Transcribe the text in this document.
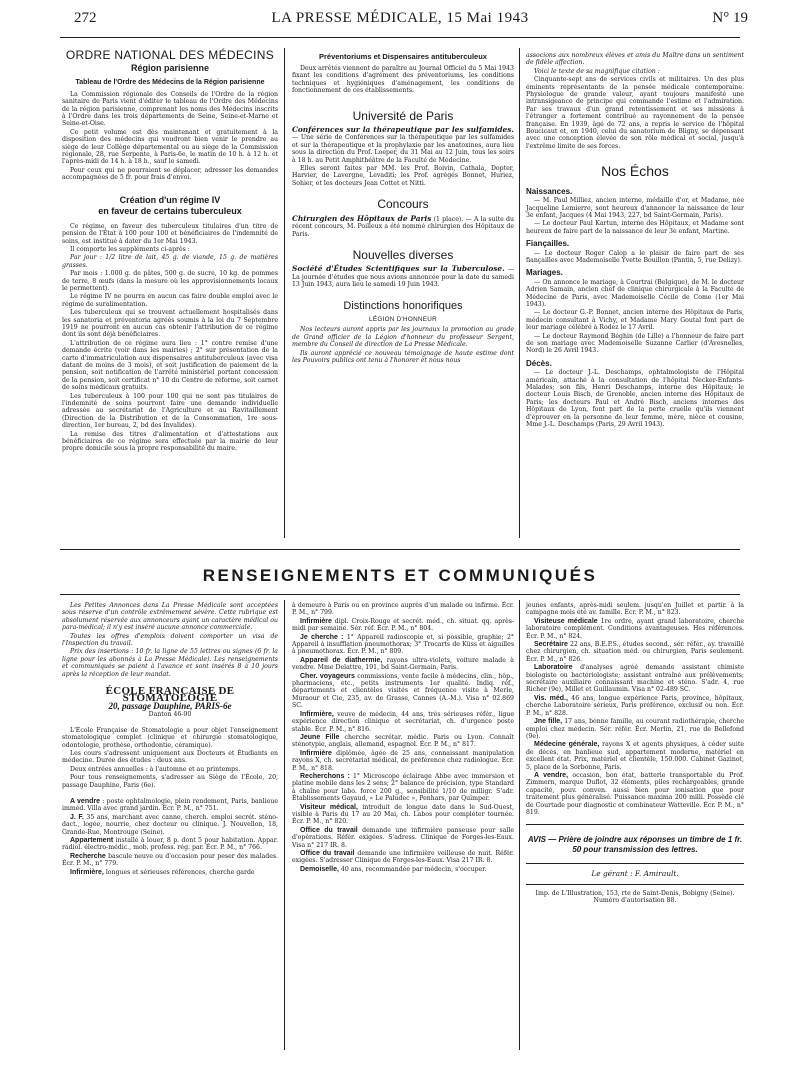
272	LA PRESSE MÉDICALE, 15 Mai 1943	N° 19
ORDRE NATIONAL DES MÉDECINS
Région parisienne
Tableau de l'Ordre des Médecins de la Région parisienne

La Commission régionale des Conseils de l'Ordre de la région sanitaire de Paris vient d'éditer le tableau de l'Ordre des Médecins de la région parisienne, comprenant les noms des Médecins inscrits à l'Ordre dans les trois départements de Seine, Seine-et-Marne et Seine-et-Oise.

Ce petit volume est dès maintenant et gratuitement à la disposition des médecins qui voudront bien venir le prendre au siège de leur Collège départemental ou au siège de la Commission régionale, 28, rue Serpente, à Paris-6e, le matin de 10 h. à 12 h. et l'après-midi de 14 h. à 18 h., sauf le samedi.

Pour ceux qui ne pourraient se déplacer, adresser les demandes accompagnées de 5 fr. pour frais d'envoi.

Création d'un régime IV
en faveur de certains tuberculeux

Ce régime, en faveur des tuberculeux titulaires d'un titre de pension de l'État à 100 pour 100 et bénéficiaires de l'indemnité de soins, est institué à dater du 1er Mai 1943.

Il comporte les suppléments ci-après :

Par jour : 1/2 litre de lait, 45 g. de viande, 15 g. de matières grasses.

Par mois : 1.000 g. de pâtes, 500 g. de sucre, 10 kg. de pommes de terre, 8 œufs (dans la mesure où les approvisionnements locaux le permettent).

Le régime IV ne pourra en aucun cas faire double emploi avec le régime de suralimentation.

Les tuberculeux qui se trouvent actuellement hospitalisés dans les sanatoria et préventoria agréés soumis à la loi du 7 Septembre 1919 ne pourront en aucun cas obtenir l'attribution de ce régime dont ils sont déjà bénéficiaires.

L'attribution de ce régime aura lieu : 1° contre remise d'une demande écrite (voir dans les mairies) ; 2° sur présentation de la carte d'immatriculation aux dispensaires antituberculeux (avec visa datant de moins de 3 mois), et soit justification de paiement de la pension, soit notification de l'arrêté ministériel portant concession de la pension, soit certificat n° 10 du Centre de réforme, soit carnet de soins médicaux gratuits.

Les tuberculeux à 100 pour 100 qui ne sont pas titulaires de l'indemnité de soins pourront faire une demande individuelle adressée au secrétariat de l'Agriculture et au Ravitaillement (Direction de la Distribution et de la Consommation, 1re sous-direction, 1er bureau, 2, bd des Invalides).

La remise des titres d'alimentation et d'attestations aux bénéficiaires de ce régime sera effectuée par la mairie de leur propre domicile sous la propre responsabilité du maire.

Préventoriums et Dispensaires antituberculeux

Deux arrêtés viennent de paraître au Journal Officiel du 5 Mai 1943 fixant les conditions d'agrément des préventoriums, les conditions techniques et hygiéniques d'aménagement, les conditions de fonctionnement de ces établissements.

Université de Paris

Conférences sur la thérapeutique par les sulfamides. — Une série de Conférences sur la thérapeutique par les sulfamides et sur la thérapeutique et la prophylaxie par les anatoxines, aura lieu sous la direction du Prof. Loeper, du 31 Mai au 12 Juin, tous les soirs à 18 h. au Petit Amphithéâtre de la Faculté de Médecine.

Elles seront faites par MM. les Prof. Boivin, Cathala, Dopter, Harvier, de Lavergne, Levaditi; les Prof. agrégés Bonnet, Huriez, Sohier, et les docteurs Jean Cottet et Nitti.

Concours

Chirurgien des Hôpitaux de Paris (1 place). — A la suite du récent concours, M. Poilleux a été nommé chirurgien des Hôpitaux de Paris.

Nouvelles diverses

Société d'Études Scientifiques sur la Tuberculose. — La journée d'études que nous avions annoncée pour la date du samedi 13 Juin 1943, aura lieu le samedi 19 Juin 1943.

Distinctions honorifiques
LÉGION D'HONNEUR

Nos lecteurs auront appris par les journaux la promotion au grade de Grand officier de la Légion d'honneur du professeur Sergent, membre du Conseil de direction de La Presse Médicale.

Ils auront apprécié ce nouveau témoignage de haute estime dont les Pouvoirs publics ont tenu à l'honorer et nous nous

associons aux nombreux élèves et amis du Maître dans un sentiment de fidèle affection.

Voici le texte de sa magnifique citation :

Cinquante-sept ans de services civils et militaires. Un des plus éminents représentants de la pensée médicale contemporaine. Physiologue de grande valeur, ayant toujours manifesté une intransigeance de principe qui commande l'estime et l'admiration. Par ses travaux d'un grand retentissement et ses missions à l'étranger a fortement contribué au rayonnement de la pensée française. En 1939, âgé de 72 ans, a repris le service de l'hôpital Boucicaut et, en 1940, celui du sanatorium de Bligny, se dépensant avec une conception élevée de son rôle médical et social, jusqu'à l'extrême limite de ses forces.

Nos Échos
Naissances.

— M. Paul Milliez, ancien interne, médaille d'or, et Madame, née Jacqueline Lemierre, sont heureux d'annoncer la naissance de leur 3e enfant, Jacques (4 Mai 1943, 227, bd Saint-Germain, Paris).

— Le docteur Paul Kartun, interne des Hôpitaux, et Madame sont heureux de faire part de la naissance de leur 3e enfant, Martine.

Fiançailles.

— Le docteur Roger Calop a le plaisir de faire part de ses fiançailles avec Mademoiselle Yvette Bouillon (Pantin, 5, rue Delizy).

Mariages.

— On annonce le mariage, à Courtrai (Belgique), de M. le docteur Adrien Samain, ancien chef de clinique chirurgicale à la Faculté de Médecine de Paris, avec Mademoiselle Cécile de Come (1er Mai 1943).

— Le docteur G.-P. Bonnet, ancien interne des Hôpitaux de Paris, médecin consultant à Vichy, et Madame Mary Goutal font part de leur mariage célébré à Rodez le 17 Avril.

— Le docteur Raymond Béghin (de Lille) a l'honneur de faire part de son mariage avec Mademoiselle Suzanne Carlier (d'Avesnelles, Nord) le 26 Avril 1943.

Décès.

— Le docteur J.-L. Deschamps, ophtalmologiste de l'Hôpital américain, attaché à la consultation de l'hôpital Necker-Enfants-Malades; son fils, Henri Deschamps, interne des Hôpitaux; le docteur Louis Bisch, de Grenoble, ancien interne des Hôpitaux de Paris; les docteurs Paul et André Bisch, anciens internes des Hôpitaux de Lyon, font part de la perte cruelle qu'ils viennent d'éprouver en la personne de leur femme, mère, nièce et cousine, Mme J.-L. Deschamps (Paris, 29 Avril 1943).

RENSEIGNEMENTS ET COMMUNIQUÉS

Les Petites Annonces dans La Presse Médicale sont acceptées sous réserve d'un contrôle extrêmement sévère. Cette rubrique est absolument réservée aux annonceurs ayant un caractère médical ou para-médical; il n'y est inséré aucune annonce commerciale.

Toutes les offres d'emplois doivent comporter un visa de l'Inspection du travail.

Prix des insertions : 10 fr. la ligne de 55 lettres ou signes (6 fr. la ligne pour les abonnés à La Presse Médicale). Les renseignements et communiqués se paient à l'avance et sont insérés 8 à 10 jours après la réception de leur mandat.

ÉCOLE FRANÇAISE DE STOMATOLOGIE
20, passage Dauphine, PARIS-6e
Danton 46-90

L'École Française de Stomatologie a pour objet l'enseignement stomatologique complet (clinique et chirurgie stomatologique, odontologie, prothèse, orthodontie, céramique).

Les cours s'adressent uniquement aux Docteurs et Étudiants en médecine. Durée des études : deux ans.

Deux entrées annuelles : à l'automne et au printemps.

Pour tous renseignements, s'adresser au Siège de l'École, 20, passage Dauphine, Paris (6e).

A vendre : poste ophtalmologie, plein rendement, Paris, banlieue imméd. Villa avec grand jardin. Écr. P. M., n° 751.

J. F. 35 ans, marchant avec canne, cherch. emploi secrét. sténo-dact., logée, nourrie, chez docteur ou clinique. J. Nouvellon, 18, Grande-Rue, Montrouge (Seine).

Appartement installé à louer, 8 p. dont 5 pour habitation. Appar. radiol. électro-médic., mob. profess. rég. par. Écr. P. M., n° 766.

Recherche bascule neuve ou d'occasion pour peser des malades. Écr. P. M., n° 779.

Infirmière, longues et sérieuses références, cherche garde

à demeure à Paris ou en province auprès d'un malade ou infirme. Écr. P. M., n° 799.

Infirmière dipl. Croix-Rouge et secrét. méd., ch. situat. qq. après-midi par semaine. Sér. réf. Écr. P. M., n° 804.

Je cherche : 1° Appareil radioscopie et, si possible, graphie; 2° Appareil à insufflation pneumothorax; 3° Trocarts de Küss et aiguilles à pneumothorax. Écr. P. M., n° 809.

Appareil de diathermie, rayons ultra-violets, voiture malade à vendre. Mme Delattre, 191, bd Saint-Germain, Paris.

Cher. voyageurs commissions, vente facile à médecins, clin., hôp., pharmaciens, etc., petits instruments 1er qualité. Indiq. réf., départements et clientèles visités et fréquence visite à Merle, Muraour et Cie, 235, av. de Grasse, Cannes (A.-M.). Visa n° 02.869 SC.

Infirmière, veuve de médecin, 44 ans, très sérieuses référ., ligue expérience direction clinique et secrétariat, ch. d'urgence poste stable. Écr. P. M., n° 816.

Jeune Fille cherche secrétar. médic. Paris ou Lyon. Connaît sténotypie, anglais, allemand, espagnol. Écr. P. M., n° 817.

Infirmière diplômée, âgée de 25 ans, connaissant manipulation rayons X, ch. secrétariat médical, de préférence chez radiologue. Écr. P. M., n° 818.

Recherchons : 1° Microscope éclairage Abbe avec immersion et platine mobile dans les 2 sens; 2° balance de précision, type Standard à chaîne pour labo. force 200 g., sensibilité 1/10 de milligr. S'adr. Établissements Gayaud, « Le Paludec », Penhars, par Quimper.

Visiteur médical, introduit de longue date dans le Sud-Ouest, visible à Paris du 17 au 20 Mai, ch. Labos pour compléter tournée. Écr. P. M., n° 820.

Office du travail demande une infirmière panseuse pour salle d'opérations. Référ. exigées. S'adress. Clinique de Forges-les-Eaux. Visa n° 217 IR. 8.

Office du travail demande une infirmière veilleuse de nuit. Référ. exigées. S'adresser Clinique de Forges-les-Eaux. Visa 217 IR. 8.

Demoiselle, 40 ans, recommandée par médecin, s'occuper.

jeunes enfants, après-midi seulem. jusqu'en Juillet et partir. à la campagne mois été av. famille. Écr. P. M., n° 823.

Visiteuse médicale 1re ordre, ayant grand laboratoire, cherche laboratoire complément. Conditions avantageuses. Hes références. Écr. P. M., n° 824.

Secrétaire 22 ans, B.E.P.S., études second., sér. référ., ay. travaillé chez chirurgien, ch. situation méd. ou chirurgien, Paris seulement. Écr. P. M., n° 826.

Laboratoire d'analyses agréé demande assistant chimiste biologiste ou bactériologiste; assistant entraîné aux prélèvements; secrétaire auxiliaire connaissant machine et sténo. S'adr. 4, rue Richer (9e), Millet et Guillaumin. Visa n° 02-489 SC.

Vis. méd., 46 ans, longue expérience Paris, province, hôpitaux, cherche Laboratoire sérieux, Paris préférence, exclusif ou non. Écr. P. M., n° 828.

Jne fille, 17 ans, bonne famille, au courant radiothérapie, cherche emploi chez médecin. Sér. référ. Écr. Merlin, 21, rue de Bellefond (9e).

Médecine générale, rayons X et agents physiques, à céder suite de décès, en banlieue sud, appartement moderne, matériel en excellent état. Prix, matériel et clientèle, 150.000. Cabinet Gazinot, 5, place de la Sorbonne, Paris.

A vendre, occasion, bon état, batterie transportable du Prof. Zimmern, marque Duflot, 32 éléments, piles rechargeables, grande capacité, pouv. conven. aussi bien pour ionisation que pour traitement plus généralisé. Puissance maxima 200 milli. Possède clé de Courtade pour diagnostic et combinateur Watteville. Écr. P. M., n° 819.

AVIS — Prière de joindre aux réponses un timbre de 1 fr. 50 pour transmission des lettres.
Le gérant : F. Amirault.
Imp. de L'Illustration, 153, rte de Saint-Denis, Bobigny (Seine).
Numéro d'autorisation 88.
